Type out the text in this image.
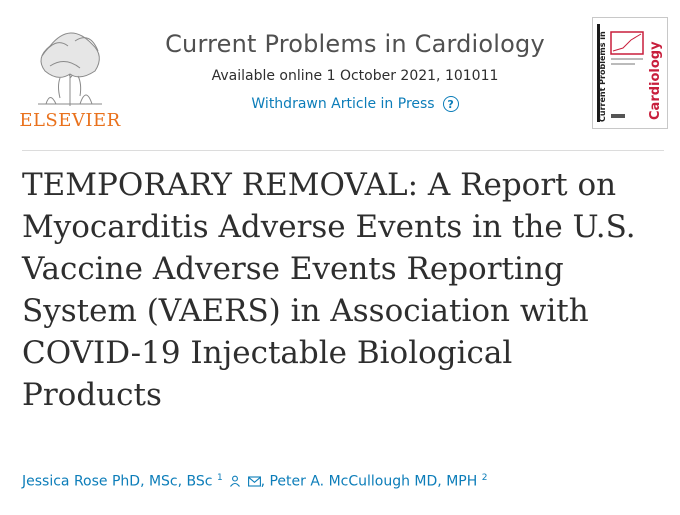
ELSEVIER
Current Problems in Cardiology
Available online 1 October 2021, 101011
Withdrawn Article in Press	?	Current Problems in	Cardiology
TEMPORARY REMOVAL: A Report on Myocarditis Adverse Events in the U.S. Vaccine Adverse Events Reporting System (VAERS) in Association with COVID-19 Injectable Biological Products
Jessica Rose PhD, MSc, BSc $^1$	, Peter A. McCullough MD, MPH $^2$
